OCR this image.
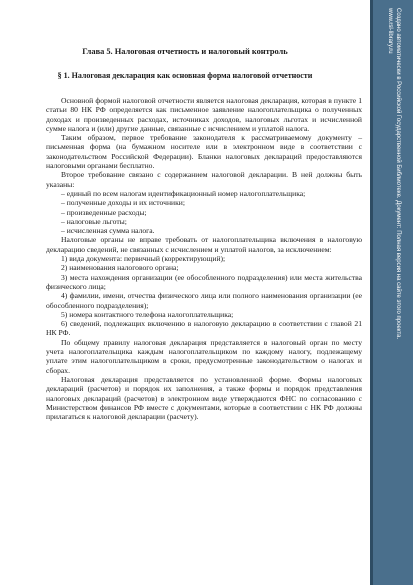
Глава 5. Налоговая отчетность и налоговый контроль
§ 1. Налоговая декларация как основная форма налоговой отчетности

Основной формой налоговой отчетности является налоговая декларация, которая в пункте 1 статьи 80 НК РФ определяется как письменное заявление налогоплательщика о полученных доходах и произведенных расходах, источниках доходов, налоговых льготах и исчисленной сумме налога и (или) другие данные, связанные с исчислением и уплатой налога.

Таким образом, первое требование законодателя к рассматриваемому документу – письменная форма (на бумажном носителе или в электронном виде в соответствии с законодательством Российской Федерации). Бланки налоговых деклараций предоставляются налоговыми органами бесплатно.

Второе требование связано с содержанием налоговой декларации. В ней должны быть указаны:

– единый по всем налогам идентификационный номер налогоплательщика;

– полученные доходы и их источники;

– произведенные расходы;

– налоговые льготы;

– исчисленная сумма налога.

Налоговые органы не вправе требовать от налогоплательщика включения в налоговую декларацию сведений, не связанных с исчислением и уплатой налогов, за исключением:

1) вида документа: первичный (корректирующий);

2) наименования налогового органа;

3) места нахождения организации (ее обособленного подразделения) или места жительства физического лица;

4) фамилии, имени, отчества физического лица или полного наименования организации (ее обособленного подразделения);

5) номера контактного телефона налогоплательщика;

6) сведений, подлежащих включению в налоговую декларацию в соответствии с главой 21 НК РФ.

По общему правилу налоговая декларация представляется в налоговый орган по месту учета налогоплательщика каждым налогоплательщиком по каждому налогу, подлежащему уплате этим налогоплательщиком в сроки, предусмотренные законодательством о налогах и сборах.

Налоговая декларация представляется по установленной форме. Формы налоговых деклараций (расчетов) и порядок их заполнения, а также формы и порядок представления налоговых деклараций (расчетов) в электронном виде утверждаются ФНС по согласованию с Министерством финансов РФ вместе с документами, которые в соответствии с НК РФ должны прилагаться к налоговой декларации (расчету).

Создано автоматически в Российской Государственной Библиотеке. Документ: Полная версия на сайте этого проекта.
www.rsl-library.ru
